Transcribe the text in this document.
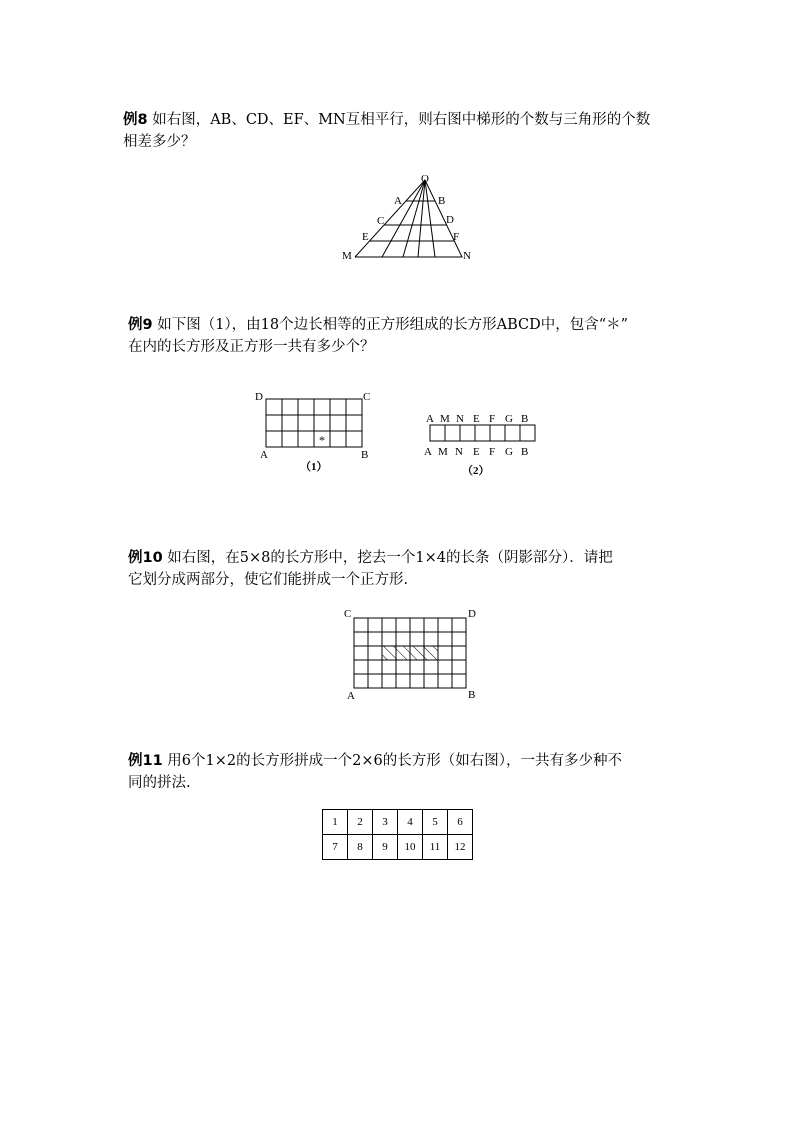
例8 如右图，AB、CD、EF、MN互相平行，则右图中梯形的个数与三角形的个数
相差多少？
O
A	B
C	D
E	F
M	N
例9 如下图（1），由18个边长相等的正方形组成的长方形ABCD中，包含“＊”
在内的长方形及正方形一共有多少个？
D	C
A	B
*
（1）
A M N E F G B
A M N E F G B
（2）
例10 如右图，在5×8的长方形中，挖去一个1×4的长条（阴影部分）．请把
它划分成两部分，使它们能拼成一个正方形.
C	D
A	B
例11 用6个1×2的长方形拼成一个2×6的长方形（如右图），一共有多少种不
同的拼法.
1	2	3	4	5	6
7	8	9	10	11	12
